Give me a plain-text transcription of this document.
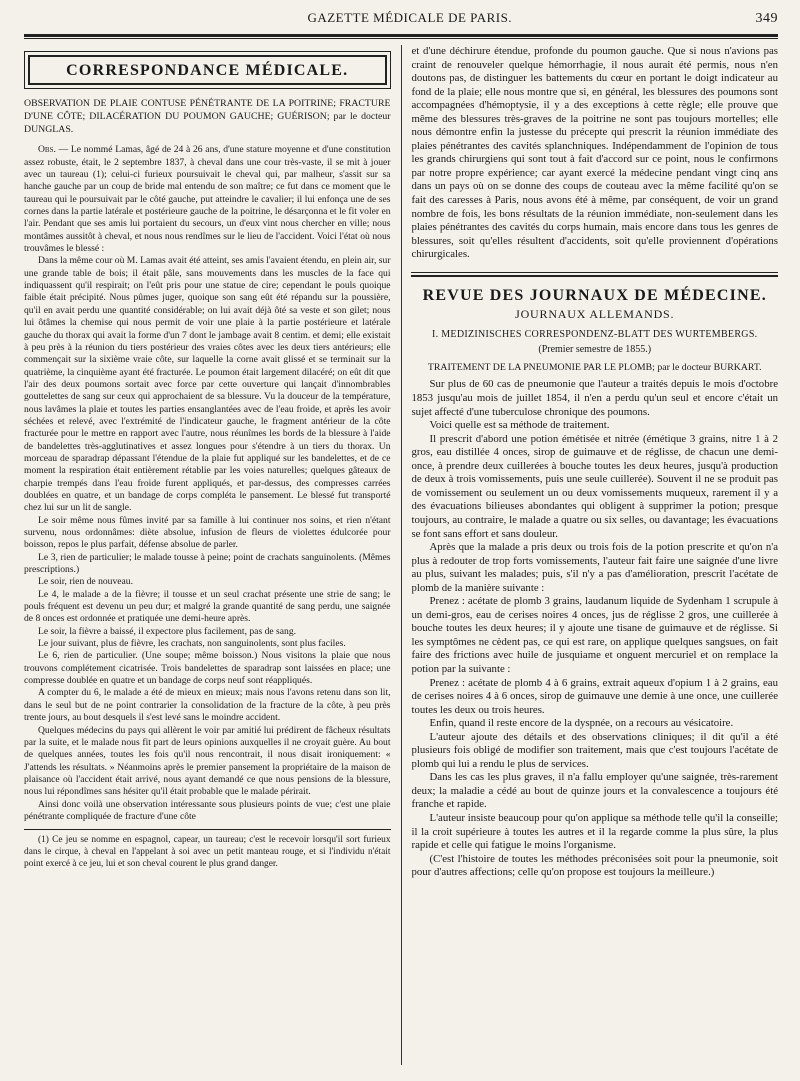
GAZETTE MÉDICALE DE PARIS.	349
CORRESPONDANCE MÉDICALE.
OBSERVATION DE PLAIE CONTUSE PÉNÉTRANTE DE LA POITRINE; FRACTURE D'UNE CÔTE; DILACÉRATION DU POUMON GAUCHE; GUÉRISON; par le docteur DUNGLAS.

Obs. — Le nommé Lamas, âgé de 24 à 26 ans, d'une stature moyenne et d'une constitution assez robuste, était, le 2 septembre 1837, à cheval dans une cour très-vaste, il se mit à jouer avec un taureau (1); celui-ci furieux poursuivait le cheval qui, par malheur, s'assit sur sa hanche gauche par un coup de bride mal entendu de son maître; ce fut dans ce moment que le taureau qui le poursuivait par le côté gauche, put atteindre le cavalier; il lui enfonça une de ses cornes dans la partie latérale et postérieure gauche de la poitrine, le désarçonna et le fit voler en l'air. Pendant que ses amis lui portaient du secours, un d'eux vint nous chercher en ville; nous montâmes aussitôt à cheval, et nous nous rendîmes sur le lieu de l'accident. Voici l'état où nous trouvâmes le blessé :

Dans la même cour où M. Lamas avait été atteint, ses amis l'avaient étendu, en plein air, sur une grande table de bois; il était pâle, sans mouvements dans les muscles de la face qui indiquassent qu'il respirait; on l'eût pris pour une statue de cire; cependant le pouls quoique faible était précipité. Nous pûmes juger, quoique son sang eût été répandu sur la poussière, qu'il en avait perdu une quantité considérable; on lui avait déjà ôté sa veste et son gilet; nous lui ôtâmes la chemise qui nous permit de voir une plaie à la partie postérieure et latérale gauche du thorax qui avait la forme d'un 7 dont le jambage avait 8 centim. et demi; elle existait à peu près à la réunion du tiers postérieur des vraies côtes avec les deux tiers antérieurs; elle commençait sur la sixième vraie côte, sur laquelle la corne avait glissé et se terminait sur la quatrième, la cinquième ayant été fracturée. Le poumon était largement dilacéré; on eût dit que l'air des deux poumons sortait avec force par cette ouverture qui lançait d'innombrables gouttelettes de sang sur ceux qui approchaient de sa blessure. Vu la douceur de la température, nous lavâmes la plaie et toutes les parties ensanglantées avec de l'eau froide, et après les avoir séchées et relevé, avec l'extrémité de l'indicateur gauche, le fragment antérieur de la côte fracturée pour le mettre en rapport avec l'autre, nous réunîmes les bords de la blessure à l'aide de bandelettes très-agglutinatives et assez longues pour s'étendre à un tiers du thorax. Un morceau de sparadrap dépassant l'étendue de la plaie fut appliqué sur les bandelettes, et de ce moment la respiration était entièrement rétablie par les voies naturelles; quelques gâteaux de charpie trempés dans l'eau froide furent appliqués, et par-dessus, des compresses carrées doublées en quatre, et un bandage de corps compléta le pansement. Le blessé fut transporté chez lui sur un lit de sangle.

Le soir même nous fûmes invité par sa famille à lui continuer nos soins, et rien n'étant survenu, nous ordonnâmes: diète absolue, infusion de fleurs de violettes édulcorée pour boisson, repos le plus parfait, défense absolue de parler.

Le 3, rien de particulier; le malade tousse à peine; point de crachats sanguinolents. (Mêmes prescriptions.)

Le soir, rien de nouveau.

Le 4, le malade a de la fièvre; il tousse et un seul crachat présente une strie de sang; le pouls fréquent est devenu un peu dur; et malgré la grande quantité de sang perdu, une saignée de 8 onces est ordonnée et pratiquée une demi-heure après.

Le soir, la fièvre a baissé, il expectore plus facilement, pas de sang.

Le jour suivant, plus de fièvre, les crachats, non sanguinolents, sont plus faciles.

Le 6, rien de particulier. (Une soupe; même boisson.) Nous visitons la plaie que nous trouvons complétement cicatrisée. Trois bandelettes de sparadrap sont laissées en place; une compresse doublée en quatre et un bandage de corps neuf sont réappliqués.

A compter du 6, le malade a été de mieux en mieux; mais nous l'avons retenu dans son lit, dans le seul but de ne point contrarier la consolidation de la fracture de la côte, à peu près trente jours, au bout desquels il s'est levé sans le moindre accident.

Quelques médecins du pays qui allèrent le voir par amitié lui prédirent de fâcheux résultats par la suite, et le malade nous fit part de leurs opinions auxquelles il ne croyait guère. Au bout de quelques années, toutes les fois qu'il nous rencontrait, il nous disait ironiquement: « J'attends les résultats. » Néanmoins après le premier pansement la propriétaire de la maison de plaisance où l'accident était arrivé, nous ayant demandé ce que nous pensions de la blessure, nous lui répondîmes sans hésiter qu'il était probable que le malade périrait.

Ainsi donc voilà une observation intéressante sous plusieurs points de vue; c'est une plaie pénétrante compliquée de fracture d'une côte

(1) Ce jeu se nomme en espagnol, capear, un taureau; c'est le recevoir lorsqu'il sort furieux dans le cirque, à cheval en l'appelant à soi avec un petit manteau rouge, et si l'individu n'était point exercé à ce jeu, lui et son cheval courent le plus grand danger.

et d'une déchirure étendue, profonde du poumon gauche. Que si nous n'avions pas craint de renouveler quelque hémorrhagie, il nous aurait été permis, nous n'en doutons pas, de distinguer les battements du cœur en portant le doigt indicateur au fond de la plaie; elle nous montre que si, en général, les blessures des poumons sont accompagnées d'hémoptysie, il y a des exceptions à cette règle; elle prouve que même des blessures très-graves de la poitrine ne sont pas toujours mortelles; elle nous démontre enfin la justesse du précepte qui prescrit la réunion immédiate des plaies pénétrantes des cavités splanchniques. Indépendamment de l'opinion de tous les grands chirurgiens qui sont tout à fait d'accord sur ce point, nous le confirmons par notre propre expérience; car ayant exercé la médecine pendant vingt cinq ans dans un pays où on se donne des coups de couteau avec la même facilité qu'on se fait des caresses à Paris, nous avons été à même, par conséquent, de voir un grand nombre de fois, les bons résultats de la réunion immédiate, non-seulement dans les plaies pénétrantes des cavités du corps humain, mais encore dans tous les genres de blessures, soit qu'elles résultent d'accidents, soit qu'elle proviennent d'opérations chirurgicales.

REVUE DES JOURNAUX DE MÉDECINE.
JOURNAUX ALLEMANDS.
I. MEDIZINISCHES CORRESPONDENZ-BLATT DES WURTEMBERGS.
(Premier semestre de 1855.)
TRAITEMENT DE LA PNEUMONIE PAR LE PLOMB; par le docteur BURKART.

Sur plus de 60 cas de pneumonie que l'auteur a traités depuis le mois d'octobre 1853 jusqu'au mois de juillet 1854, il n'en a perdu qu'un seul et encore c'était un sujet affecté d'une tuberculose chronique des poumons.

Voici quelle est sa méthode de traitement.

Il prescrit d'abord une potion émétisée et nitrée (émétique 3 grains, nitre 1 à 2 gros, eau distillée 4 onces, sirop de guimauve et de réglisse, de chacun une demi-once, à prendre deux cuillerées à bouche toutes les deux heures, jusqu'à production de deux à trois vomissements, puis une seule cuillerée). Souvent il ne se produit pas de vomissement ou seulement un ou deux vomissements muqueux, rarement il y a des évacuations bilieuses abondantes qui obligent à supprimer la potion; presque toujours, au contraire, le malade a quatre ou six selles, ou davantage; les évacuations se font sans effort et sans douleur.

Après que la malade a pris deux ou trois fois de la potion prescrite et qu'on n'a plus à redouter de trop forts vomissements, l'auteur fait faire une saignée d'une livre au plus, suivant les malades; puis, s'il n'y a pas d'amélioration, prescrit l'acétate de plomb de la manière suivante :

Prenez : acétate de plomb 3 grains, laudanum liquide de Sydenham 1 scrupule à un demi-gros, eau de cerises noires 4 onces, jus de réglisse 2 gros, une cuillerée à bouche toutes les deux heures; il y ajoute une tisane de guimauve et de réglisse. Si les symptômes ne cèdent pas, ce qui est rare, on applique quelques sangsues, on fait faire des frictions avec huile de jusquiame et onguent mercuriel et on remplace la potion par la suivante :

Prenez : acétate de plomb 4 à 6 grains, extrait aqueux d'opium 1 à 2 grains, eau de cerises noires 4 à 6 onces, sirop de guimauve une demie à une once, une cuillerée toutes les deux ou trois heures.

Enfin, quand il reste encore de la dyspnée, on a recours au vésicatoire.

L'auteur ajoute des détails et des observations cliniques; il dit qu'il a été plusieurs fois obligé de modifier son traitement, mais que c'est toujours l'acétate de plomb qui lui a rendu le plus de services.

Dans les cas les plus graves, il n'a fallu employer qu'une saignée, très-rarement deux; la maladie a cédé au bout de quinze jours et la convalescence a toujours été franche et rapide.

L'auteur insiste beaucoup pour qu'on applique sa méthode telle qu'il la conseille; il la croit supérieure à toutes les autres et il la regarde comme la plus sûre, la plus rapide et celle qui fatigue le moins l'organisme.

(C'est l'histoire de toutes les méthodes préconisées soit pour la pneumonie, soit pour d'autres affections; celle qu'on propose est toujours la meilleure.)
